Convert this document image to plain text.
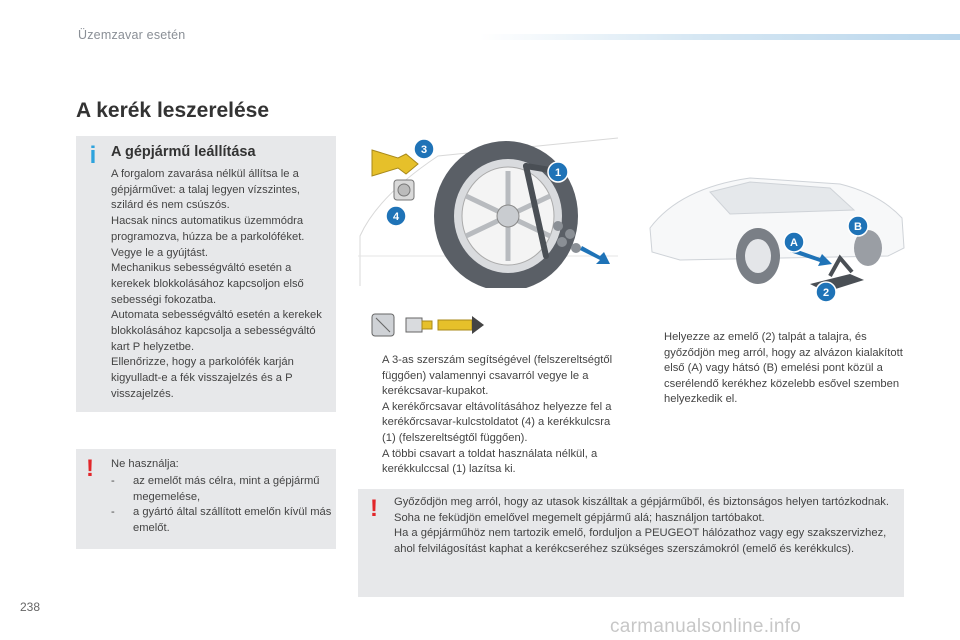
Üzemzavar esetén
A kerék leszerelése
i A gépjármű leállítása

A forgalom zavarása nélkül állítsa le a gépjárművet: a talaj legyen vízszintes, szilárd és nem csúszós.

Hacsak nincs automatikus üzemmódra programozva, húzza be a parkolóféket.

Vegye le a gyújtást.

Mechanikus sebességváltó esetén a kerekek blokkolásához kapcsoljon első sebességi fokozatba.

Automata sebességváltó esetén a kerekek blokkolásához kapcsolja a sebességváltó kart P helyzetbe.

Ellenőrizze, hogy a parkolófék karján kigyulladt-e a fék visszajelzés és a P visszajelzés.

! Ne használja:
- az emelőt más célra, mint a gépjármű megemelése,
- a gyártó által szállított emelőn kívül más emelőt.
3
1
4
A
B
2
A 3-as szerszám segítségével (felszereltségtől függően) valamennyi csavarról vegye le a kerékcsavar-kupakot.
A kerékőrcsavar eltávolításához helyezze fel a kerékőrcsavar-kulcstoldatot (4) a kerékkulcsra (1) (felszereltségtől függően).
A többi csavart a toldat használata nélkül, a kerékkulccsal (1) lazítsa ki.
Helyezze az emelő (2) talpát a talajra, és győződjön meg arról, hogy az alvázon kialakított első (A) vagy hátsó (B) emelési pont közül a cserélendő kerékhez közelebb esővel szemben helyezkedik el.
! Győződjön meg arról, hogy az utasok kiszálltak a gépjárműből, és biztonságos helyen tartózkodnak.

Soha ne feküdjön emelővel megemelt gépjármű alá; használjon tartóbakot.

Ha a gépjárműhöz nem tartozik emelő, forduljon a PEUGEOT hálózathoz vagy egy szakszervizhez, ahol felvilágosítást kaphat a kerékcseréhez szükséges szerszámokról (emelő és kerékkulcs).

238
carmanualsonline.info
